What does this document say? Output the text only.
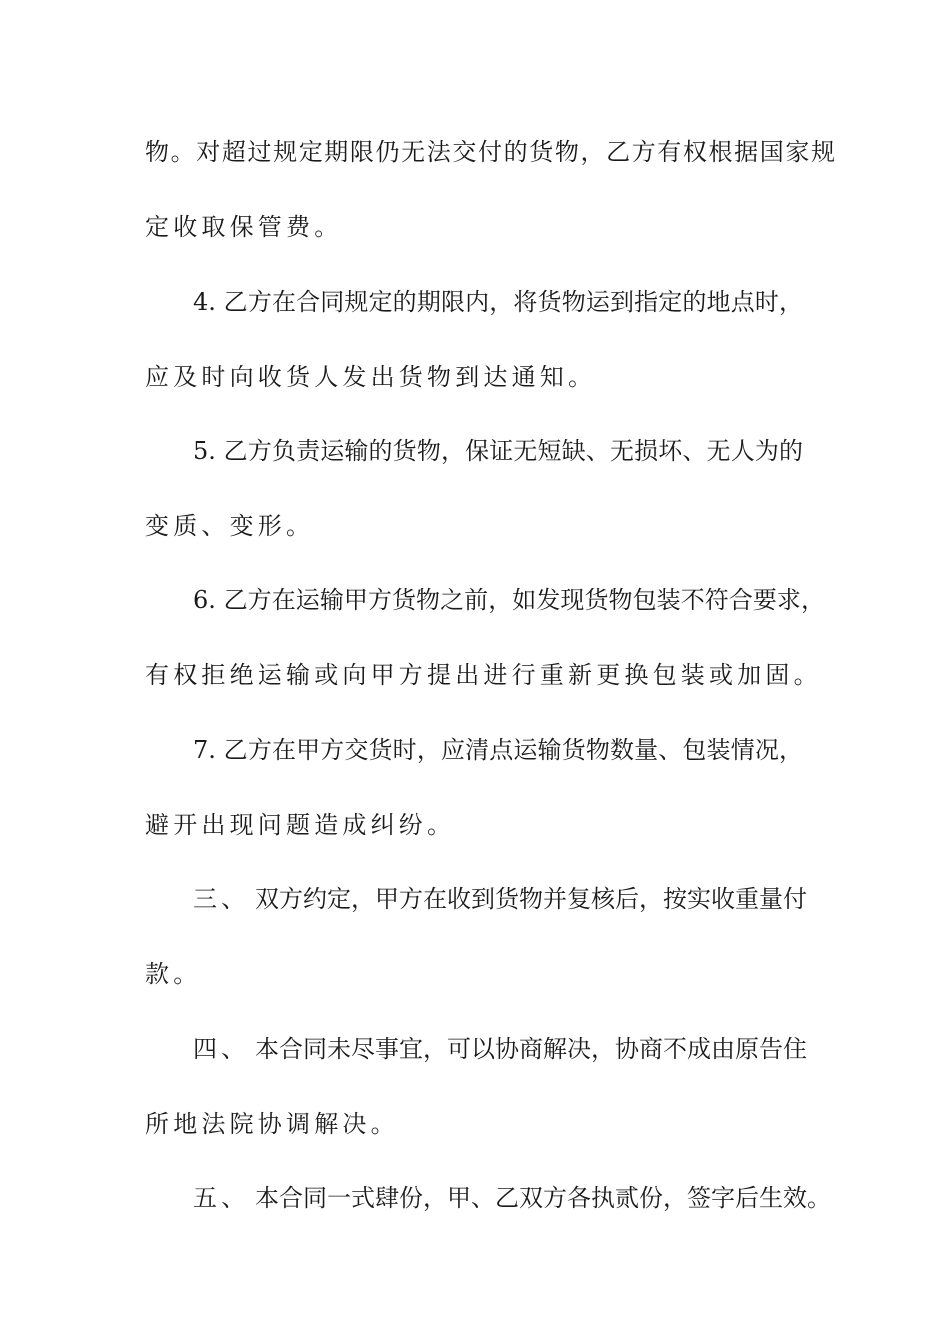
物。对超过规定期限仍无法交付的货物，乙方有权根据国家规
定收取保管费。
4. 乙方在合同规定的期限内，将货物运到指定的地点时，
应及时向收货人发出货物到达通知。
5. 乙方负责运输的货物，保证无短缺、无损坏、无人为的
变质、变形。
6. 乙方在运输甲方货物之前，如发现货物包装不符合要求，
有权拒绝运输或向甲方提出进行重新更换包装或加固。
7. 乙方在甲方交货时，应清点运输货物数量、包装情况，
避开出现问题造成纠纷。
三、 双方约定，甲方在收到货物并复核后，按实收重量付
款。
四、 本合同未尽事宜，可以协商解决，协商不成由原告住
所地法院协调解决。
五、 本合同一式肆份，甲、乙双方各执贰份，签字后生效。
